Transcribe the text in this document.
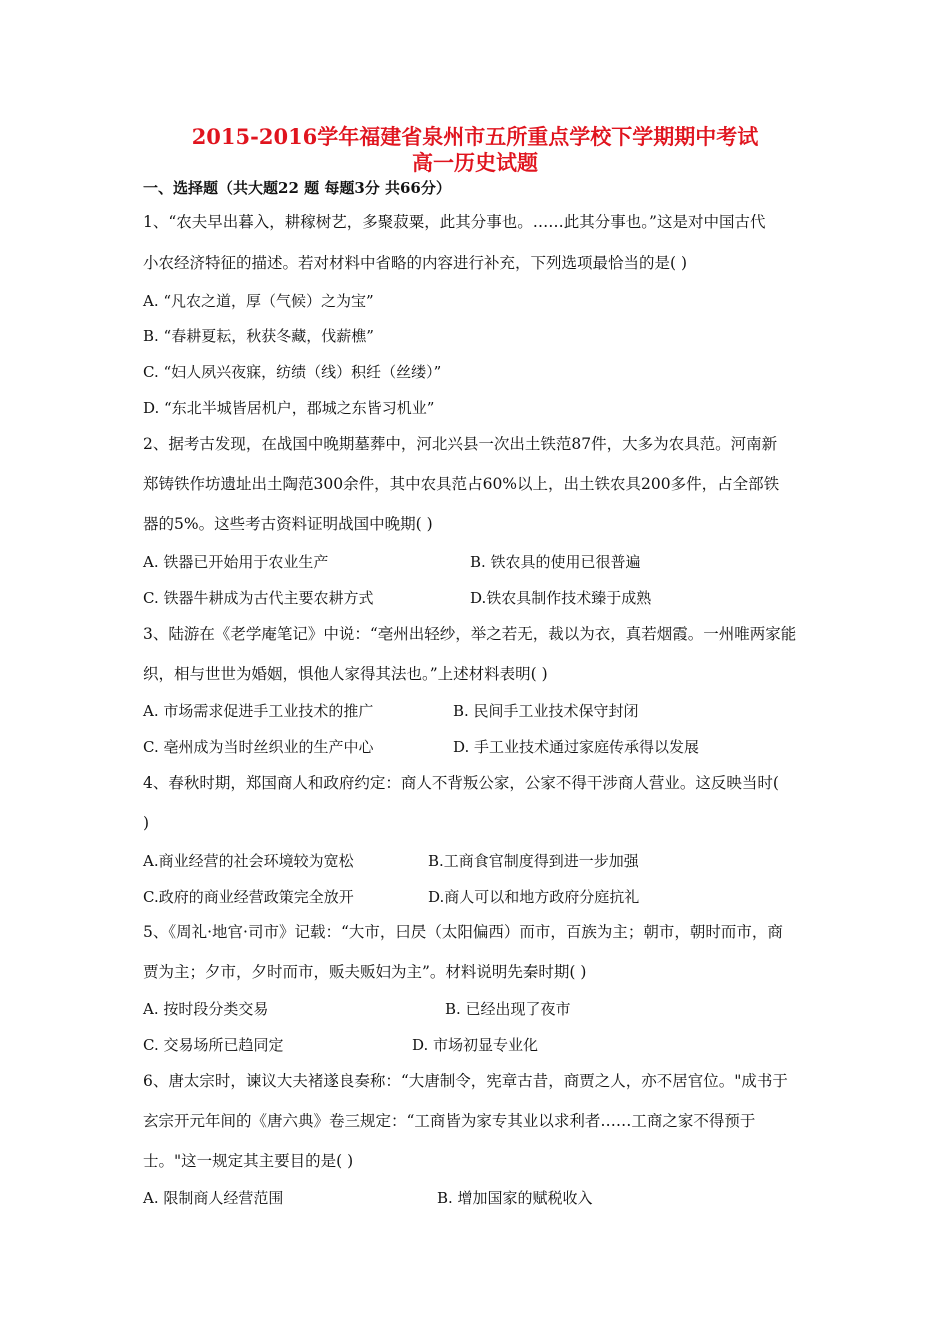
2015-2016学年福建省泉州市五所重点学校下学期期中考试
高一历史试题
一、选择题（共大题22 题 每题3分 共66分）
1、“农夫早出暮入，耕稼树艺，多聚菽粟，此其分事也。……此其分事也。”这是对中国古代
小农经济特征的描述。若对材料中省略的内容进行补充，下列选项最恰当的是( )
A. “凡农之道，厚（气候）之为宝”
B. “春耕夏耘，秋获冬藏，伐薪樵”
C. “妇人夙兴夜寐，纺绩（线）积纴（丝缕）”
D. “东北半城皆居机户，郡城之东皆习机业”
2、据考古发现，在战国中晚期墓葬中，河北兴县一次出土铁范87件，大多为农具范。河南新
郑铸铁作坊遗址出土陶范300余件，其中农具范占60%以上，出土铁农具200多件，占全部铁
器的5%。这些考古资料证明战国中晚期( )
A. 铁器已开始用于农业生产	B. 铁农具的使用已很普遍
C. 铁器牛耕成为古代主要农耕方式	D.铁农具制作技术臻于成熟
3、陆游在《老学庵笔记》中说：“亳州出轻纱，举之若无，裁以为衣，真若烟霞。一州唯两家能
织，相与世世为婚姻，惧他人家得其法也。”上述材料表明( )
A. 市场需求促进手工业技术的推广	B. 民间手工业技术保守封闭
C. 亳州成为当时丝织业的生产中心	D. 手工业技术通过家庭传承得以发展
4、春秋时期，郑国商人和政府约定：商人不背叛公家，公家不得干涉商人营业。这反映当时(
)
A.商业经营的社会环境较为宽松	B.工商食官制度得到进一步加强
C.政府的商业经营政策完全放开	D.商人可以和地方政府分庭抗礼
5、《周礼·地官·司市》记载：“大市，曰昃（太阳偏西）而市，百族为主；朝市，朝时而市，商
贾为主；夕市，夕时而市，贩夫贩妇为主”。材料说明先秦时期( )
A. 按时段分类交易	B. 已经出现了夜市
C. 交易场所已趋同定	D. 市场初显专业化
6、唐太宗时，谏议大夫褚遂良奏称：“大唐制令，宪章古昔，商贾之人，亦不居官位。"成书于
玄宗开元年间的《唐六典》卷三规定：“工商皆为家专其业以求利者……工商之家不得预于
士。"这一规定其主要目的是( )
A. 限制商人经营范围	B. 增加国家的赋税收入
